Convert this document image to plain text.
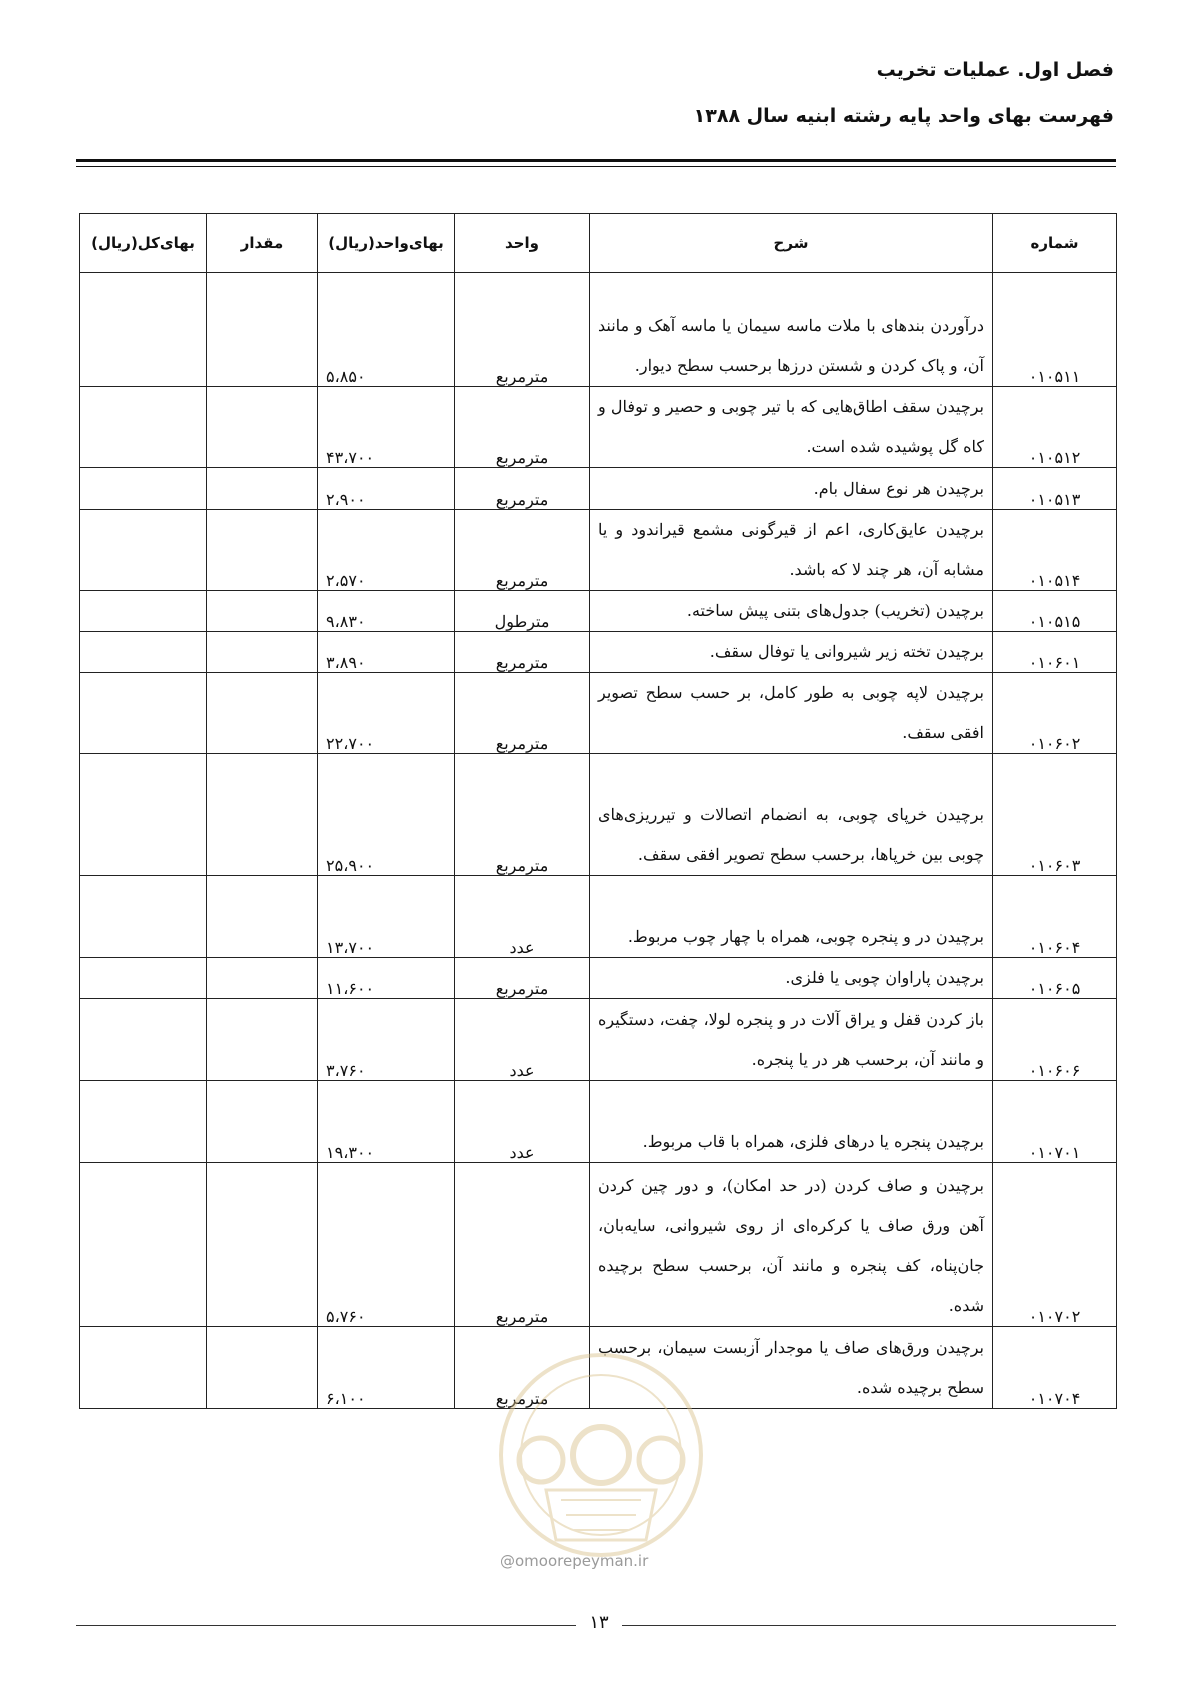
فصل اول. عملیات تخریب
فهرست بهای واحد پایه رشته ابنیه سال ۱۳۸۸
شماره	شرح	واحد	بهای‌واحد(ریال)	مقدار	بهای‌کل(ریال)
۰۱۰۵۱۱	درآوردن بندهای با ملات ماسه سیمان یا ماسه آهک و مانند آن، و پاک کردن و شستن درزها برحسب سطح دیوار.	مترمربع	۵،۸۵۰		
۰۱۰۵۱۲	برچیدن سقف اطاق‌هایی که با تیر چوبی و حصیر و توفال و کاه گل پوشیده شده است.	مترمربع	۴۳،۷۰۰		
۰۱۰۵۱۳	برچیدن هر نوع سفال بام.	مترمربع	۲،۹۰۰		
۰۱۰۵۱۴	برچیدن عایق‌کاری، اعم از قیرگونی مشمع قیراندود و یا مشابه آن، هر چند لا که باشد.	مترمربع	۲،۵۷۰		
۰۱۰۵۱۵	برچیدن (تخریب) جدول‌های بتنی پیش ساخته.	مترطول	۹،۸۳۰		
۰۱۰۶۰۱	برچیدن تخته زیر شیروانی یا توفال سقف.	مترمربع	۳،۸۹۰		
۰۱۰۶۰۲	برچیدن لاپه چوبی به طور کامل، بر حسب سطح تصویر افقی سقف.	مترمربع	۲۲،۷۰۰		
۰۱۰۶۰۳	برچیدن خرپای چوبی، به انضمام اتصالات و تیرریزی‌های چوبی بین خرپاها، برحسب سطح تصویر افقی سقف.	مترمربع	۲۵،۹۰۰		
۰۱۰۶۰۴	برچیدن در و پنجره چوبی، همراه با چهار چوب مربوط.	عدد	۱۳،۷۰۰		
۰۱۰۶۰۵	برچیدن پاراوان چوبی یا فلزی.	مترمربع	۱۱،۶۰۰		
۰۱۰۶۰۶	باز کردن قفل و یراق آلات در و پنجره لولا، چفت، دستگیره و مانند آن، برحسب هر در یا پنجره.	عدد	۳،۷۶۰		
۰۱۰۷۰۱	برچیدن پنجره یا درهای فلزی، همراه با قاب مربوط.	عدد	۱۹،۳۰۰		
۰۱۰۷۰۲	برچیدن و صاف کردن (در حد امکان)، و دور چین کردن آهن ورق صاف یا کرکره‌ای از روی شیروانی، سایه‌بان، جان‌پناه، کف پنجره و مانند آن، برحسب سطح برچیده شده.	مترمربع	۵،۷۶۰		
۰۱۰۷۰۴	برچیدن ورق‌های صاف یا موجدار آزبست سیمان، برحسب سطح برچیده شده.	مترمربع	۶،۱۰۰		
@omoorepeyman.ir
۱۳
